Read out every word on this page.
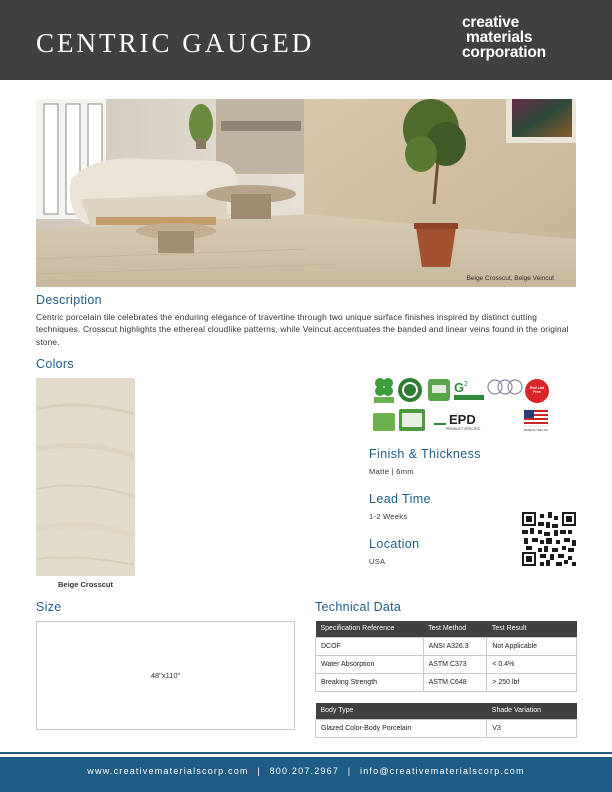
CENTRIC GAUGED
creative
materials
corporation
Beige Crosscut, Beige Veincut
Description
Centric porcelain tile celebrates the enduring elegance of travertine through two unique surface finishes inspired by distinct cutting techniques. Crosscut highlights the ethereal cloudlike patterns, while Veincut accentuates the banded and linear veins found in the original stone.
Colors
Beige Crosscut
G 2
EPD
PRODUCT SPECIFIC
Red List Free
MADE IN THE USA
Finish & Thickness
Matte | 6mm
Lead Time
1-2 Weeks
Location
USA
Size
48"x110"
Technical Data
Specification Reference	Test Method	Test Result
DCOF	ANSI A326.3	Not Applicable
Water Absorption	ASTM C373	< 0.4%
Breaking Strength	ASTM C648	> 250 lbf
Body Type	Shade Variation
Glazed Color-Body Porcelain	V3
www.creativematerialscorp.com | 800.207.2967 | info@creativematerialscorp.com
